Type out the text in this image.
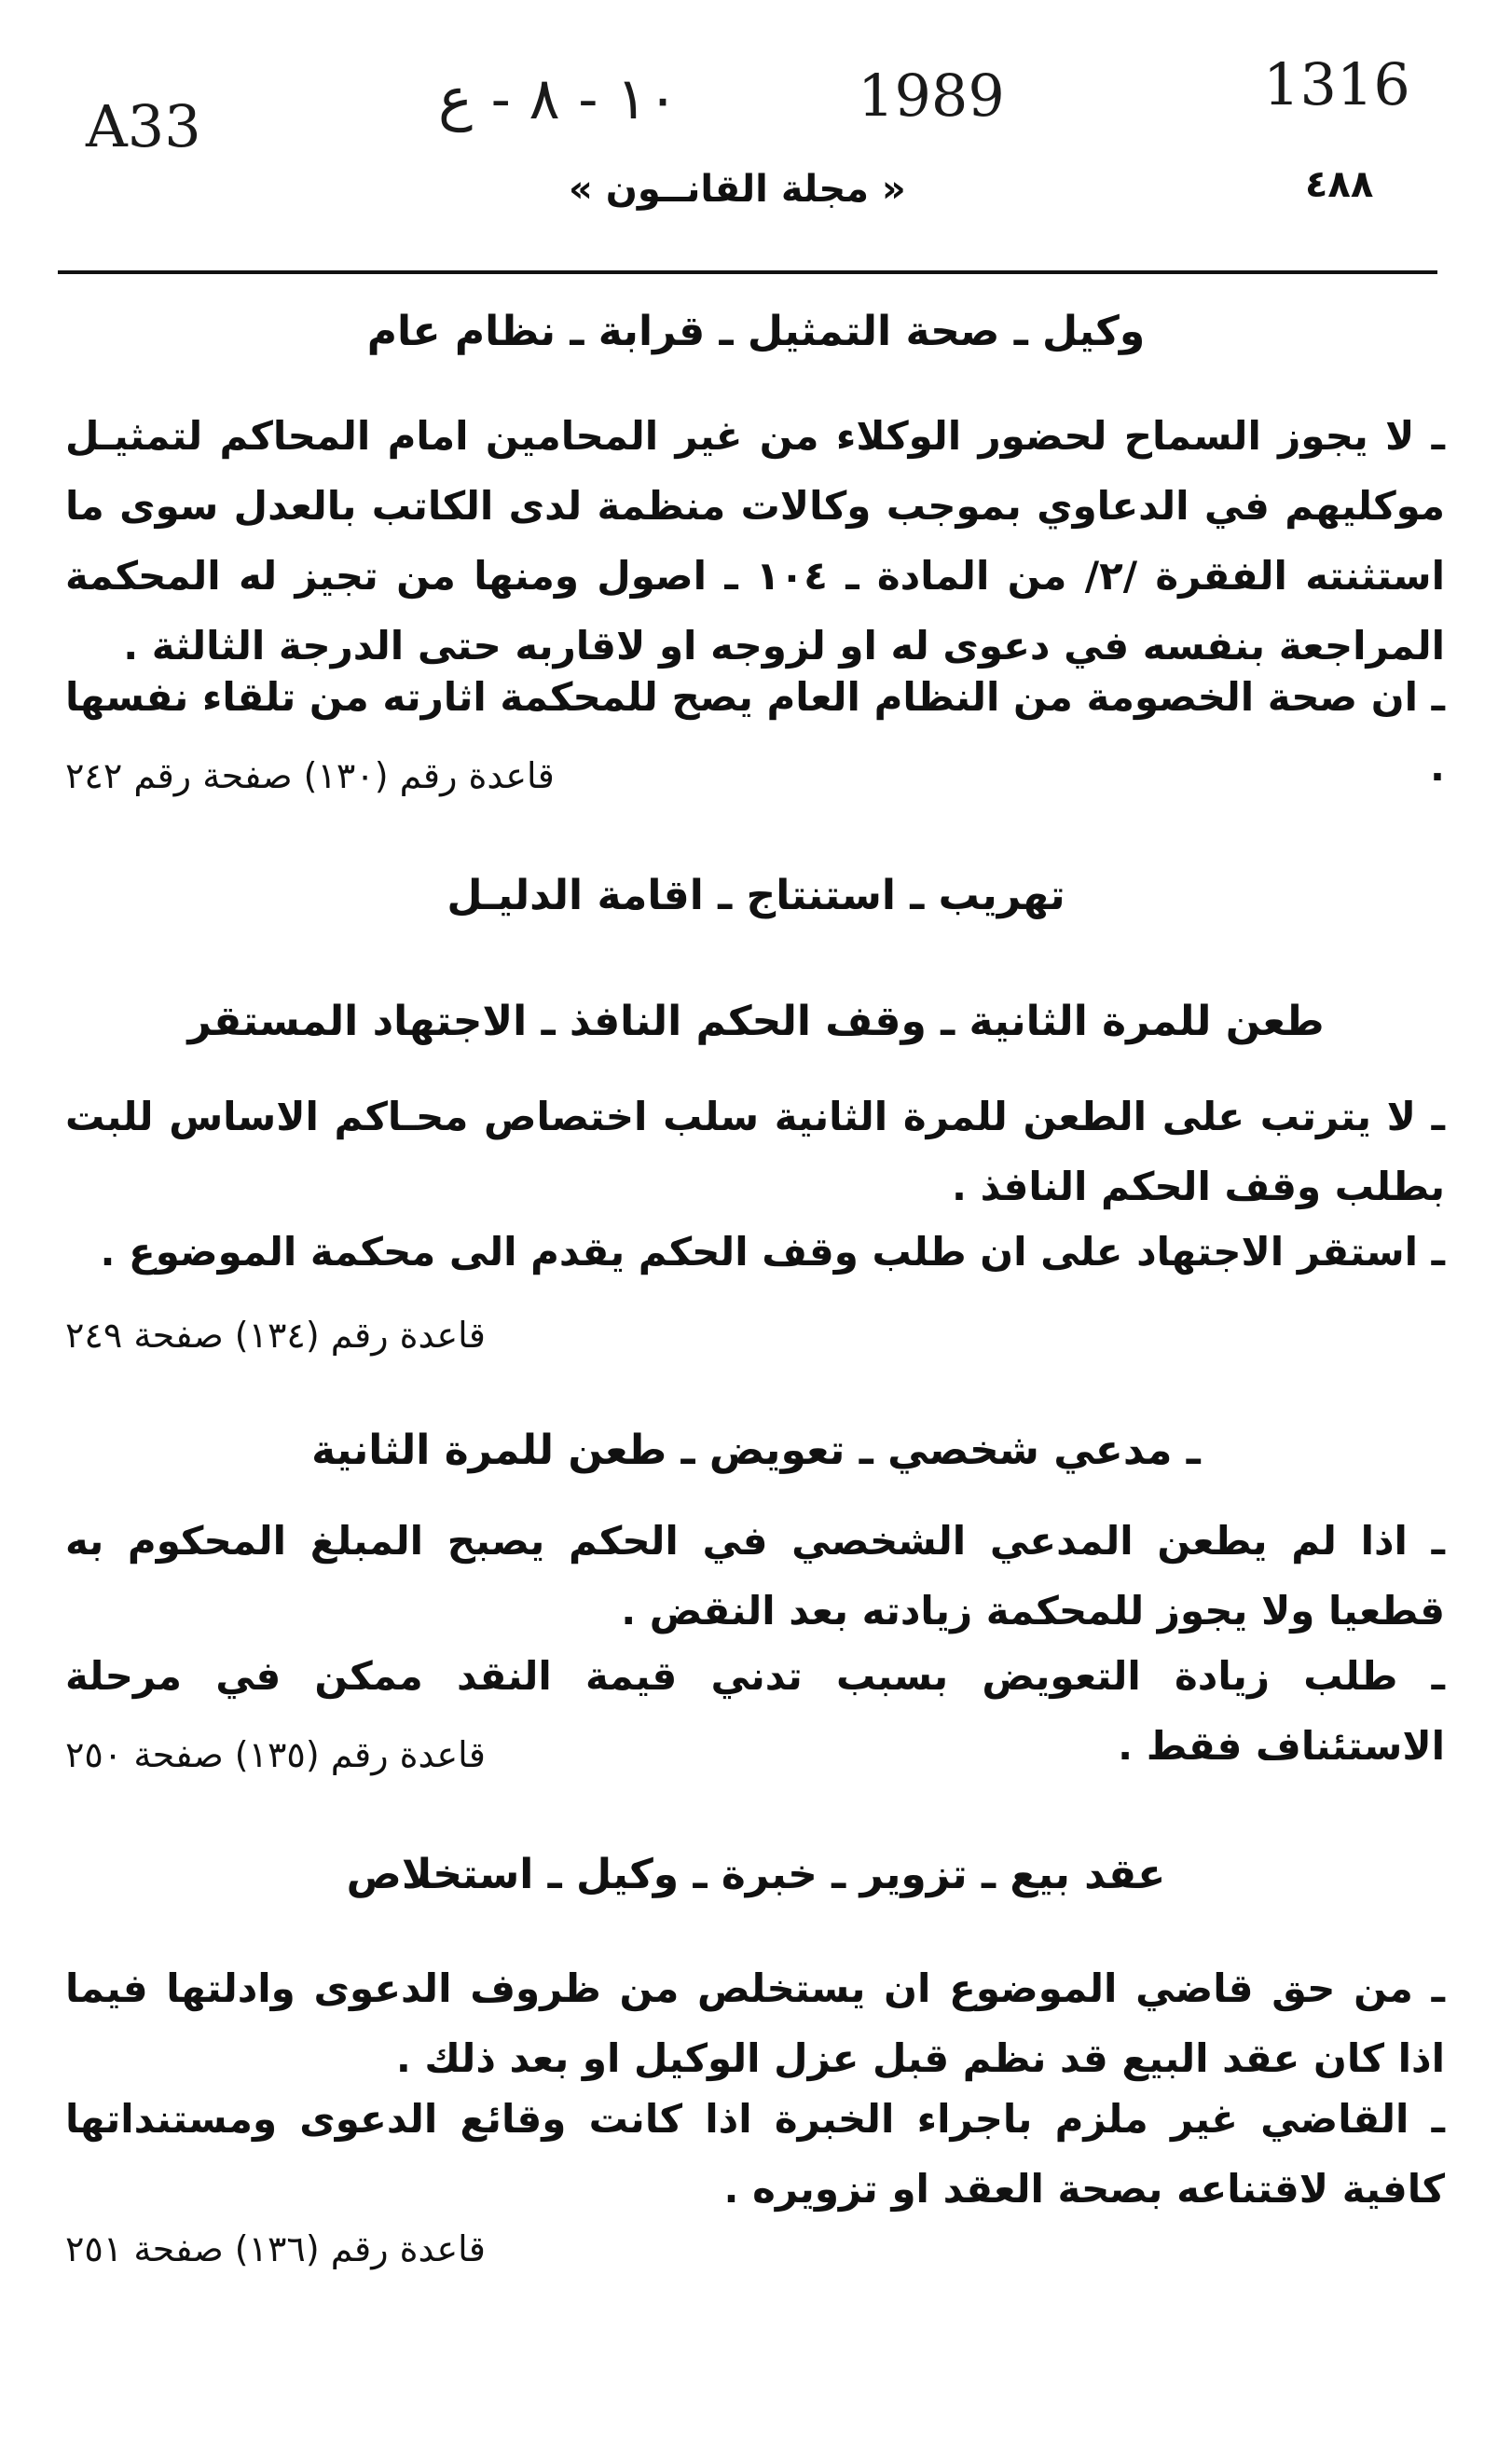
A33	١٠ - ٨ - ع	1989	1316
٤٨٨
« مجلة القانــون »
وكيل ـ صحة التمثيل ـ قرابة ـ نظام عام
ـ لا يجوز السماح لحضور الوكلاء من غير المحامين امام المحاكم لتمثيـل موكليهم في الدعاوي بموجب وكالات منظمة لدى الكاتب بالعدل سوى ما استثنته الفقرة /٢/ من المادة ـ ١٠٤ ـ اصول ومنها من تجيز له المحكمة المراجعة بنفسه في دعوى له او لزوجه او لاقاربه حتى الدرجة الثالثة .
ـ ان صحة الخصومة من النظام العام يصح للمحكمة اثارته من تلقاء نفسها .
قاعدة رقم (١٣٠) صفحة رقم ٢٤٢
تهريب ـ استنتاج ـ اقامة الدليـل
طعن للمرة الثانية ـ وقف الحكم النافذ ـ الاجتهاد المستقر
ـ لا يترتب على الطعن للمرة الثانية سلب اختصاص محـاكم الاساس للبت بطلب وقف الحكم النافذ .
ـ استقر الاجتهاد على ان طلب وقف الحكم يقدم الى محكمة الموضوع .
قاعدة رقم (١٣٤) صفحة ٢٤٩
ـ مدعي شخصي ـ تعويض ـ طعن للمرة الثانية
ـ اذا لم يطعن المدعي الشخصي في الحكم يصبح المبلغ المحكوم به قطعيا ولا يجوز للمحكمة زيادته بعد النقض .
ـ طلب زيادة التعويض بسبب تدني قيمة النقد ممكن في مرحلة الاستئناف فقط .
قاعدة رقم (١٣٥) صفحة ٢٥٠
عقد بيع ـ تزوير ـ خبرة ـ وكيل ـ استخلاص
ـ من حق قاضي الموضوع ان يستخلص من ظروف الدعوى وادلتها فيما اذا كان عقد البيع قد نظم قبل عزل الوكيل او بعد ذلك .
ـ القاضي غير ملزم باجراء الخبرة اذا كانت وقائع الدعوى ومستنداتها كافية لاقتناعه بصحة العقد او تزويره .
قاعدة رقم (١٣٦) صفحة ٢٥١
